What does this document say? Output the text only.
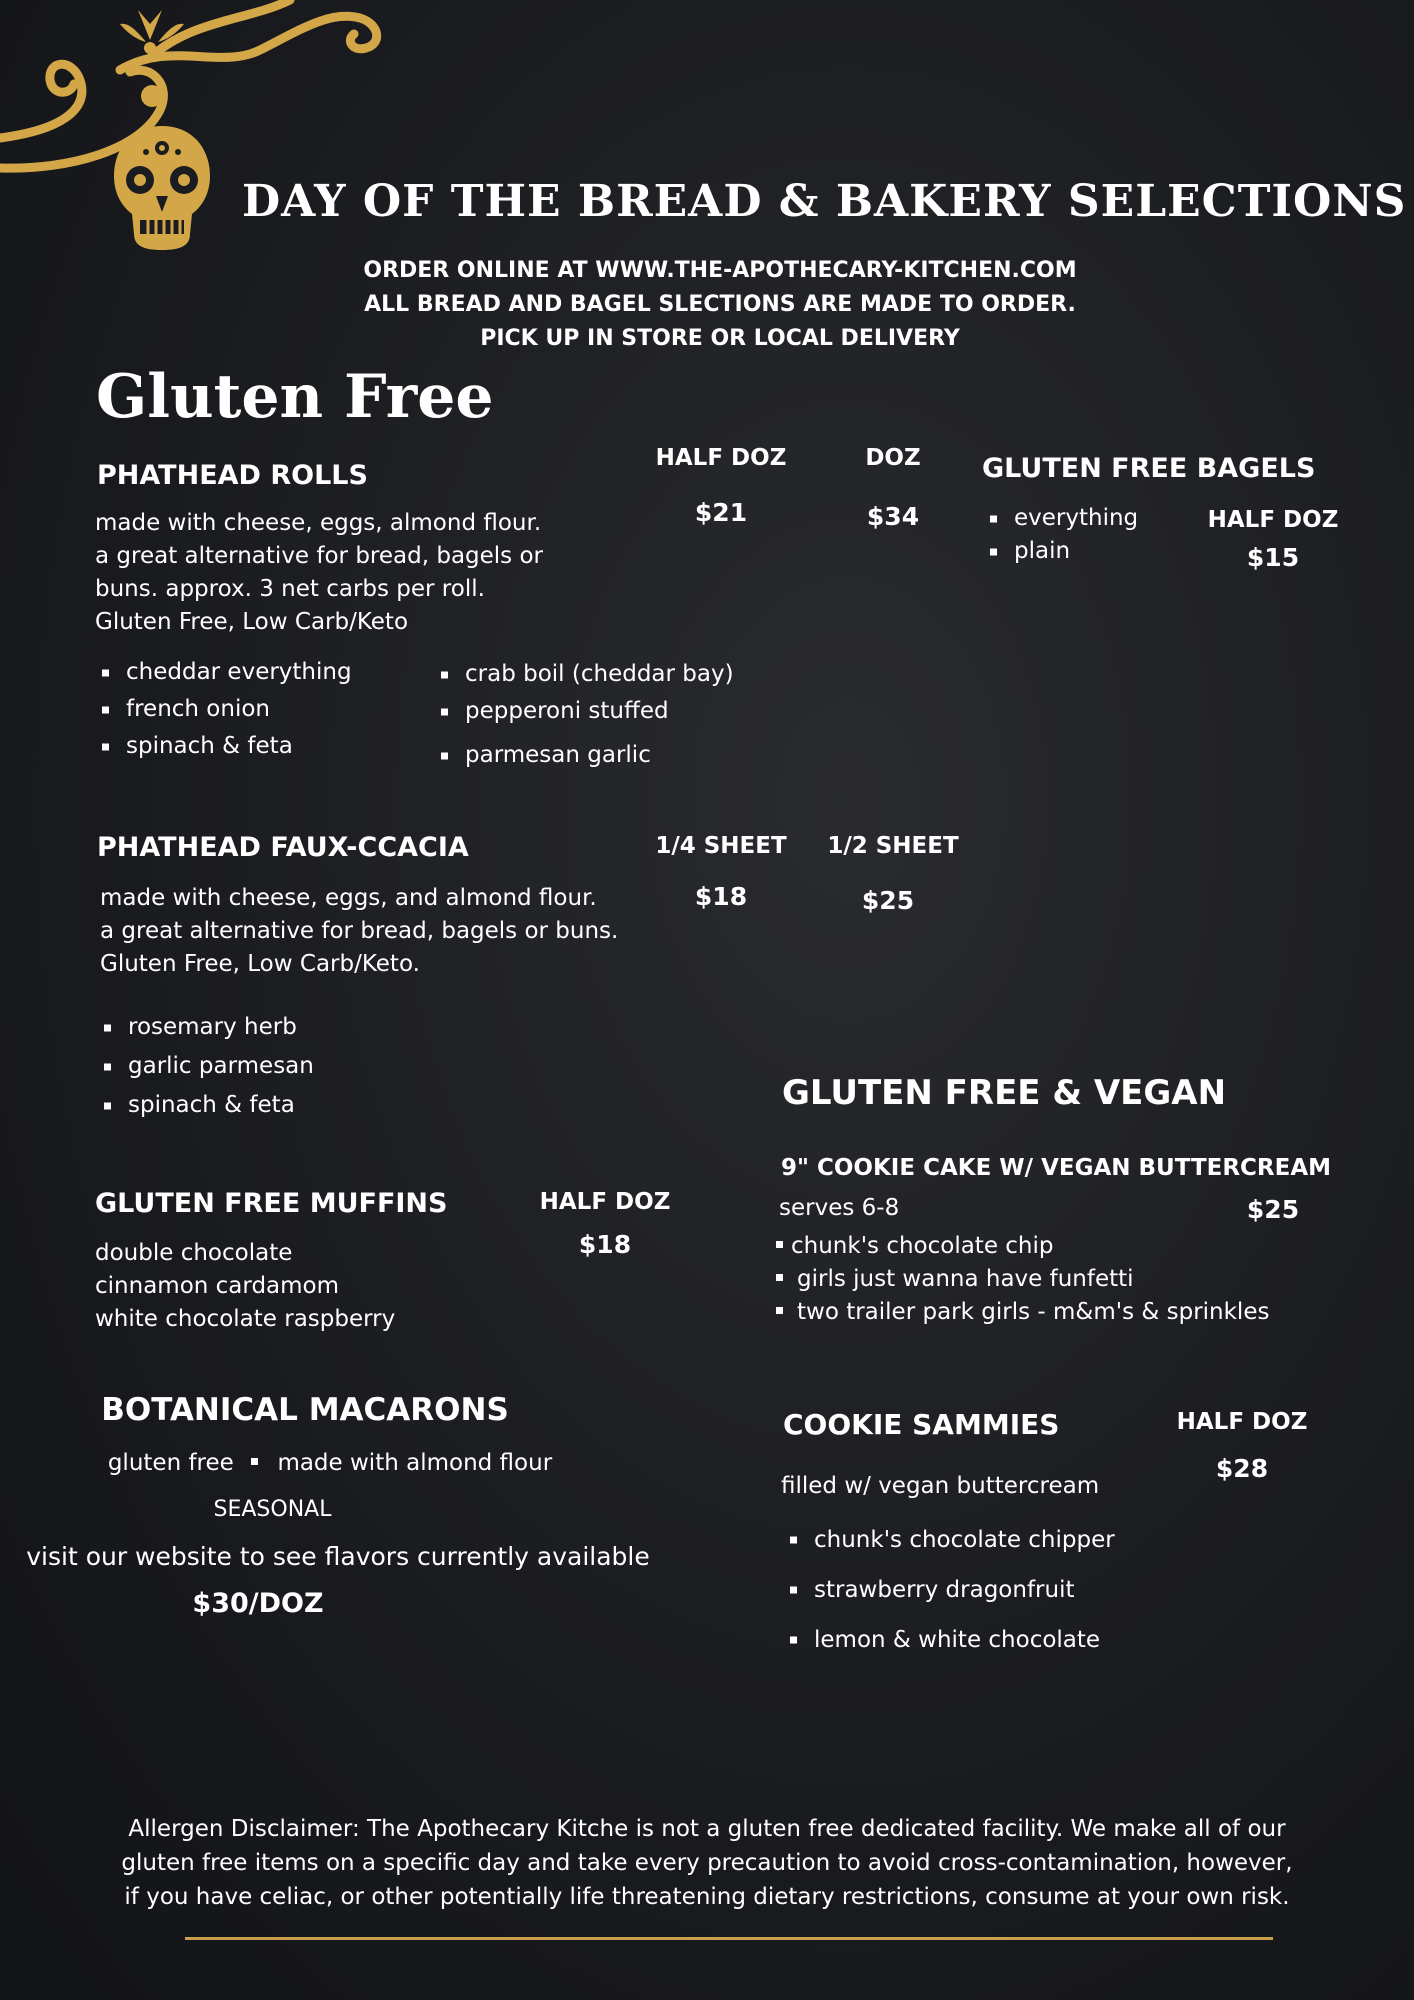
DAY OF THE BREAD & BAKERY SELECTIONS
ORDER ONLINE AT WWW.THE-APOTHECARY-KITCHEN.COM
ALL BREAD AND BAGEL SLECTIONS ARE MADE TO ORDER.
PICK UP IN STORE OR LOCAL DELIVERY
Gluten Free
PHATHEAD ROLLS
HALF DOZ
$21
DOZ
$34
made with cheese, eggs, almond flour.
a great alternative for bread, bagels or
buns. approx. 3 net carbs per roll.
Gluten Free, Low Carb/Keto
cheddar everything
french onion
spinach & feta
crab boil (cheddar bay)
pepperoni stuffed
parmesan garlic
GLUTEN FREE BAGELS
everything
plain
HALF DOZ
$15
PHATHEAD FAUX-CCACIA	1/4 SHEET
$18
1/2 SHEET
$25
made with cheese, eggs, and almond flour.
a great alternative for bread, bagels or buns.
Gluten Free, Low Carb/Keto.
rosemary herb
garlic parmesan
spinach & feta
GLUTEN FREE MUFFINS	HALF DOZ
$18
double chocolate
cinnamon cardamom
white chocolate raspberry
BOTANICAL MACARONS
gluten free made with almond flour
SEASONAL
visit our website to see flavors currently available
$30/DOZ
GLUTEN FREE & VEGAN
9" COOKIE CAKE W/ VEGAN BUTTERCREAM
serves 6-8	$25
chunk's chocolate chip
girls just wanna have funfetti
two trailer park girls - m&m's & sprinkles
COOKIE SAMMIES	HALF DOZ
$28
filled w/ vegan buttercream
chunk's chocolate chipper
strawberry dragonfruit
lemon & white chocolate
Allergen Disclaimer: The Apothecary Kitche is not a gluten free dedicated facility. We make all of our
gluten free items on a specific day and take every precaution to avoid cross-contamination, however,
if you have celiac, or other potentially life threatening dietary restrictions, consume at your own risk.
